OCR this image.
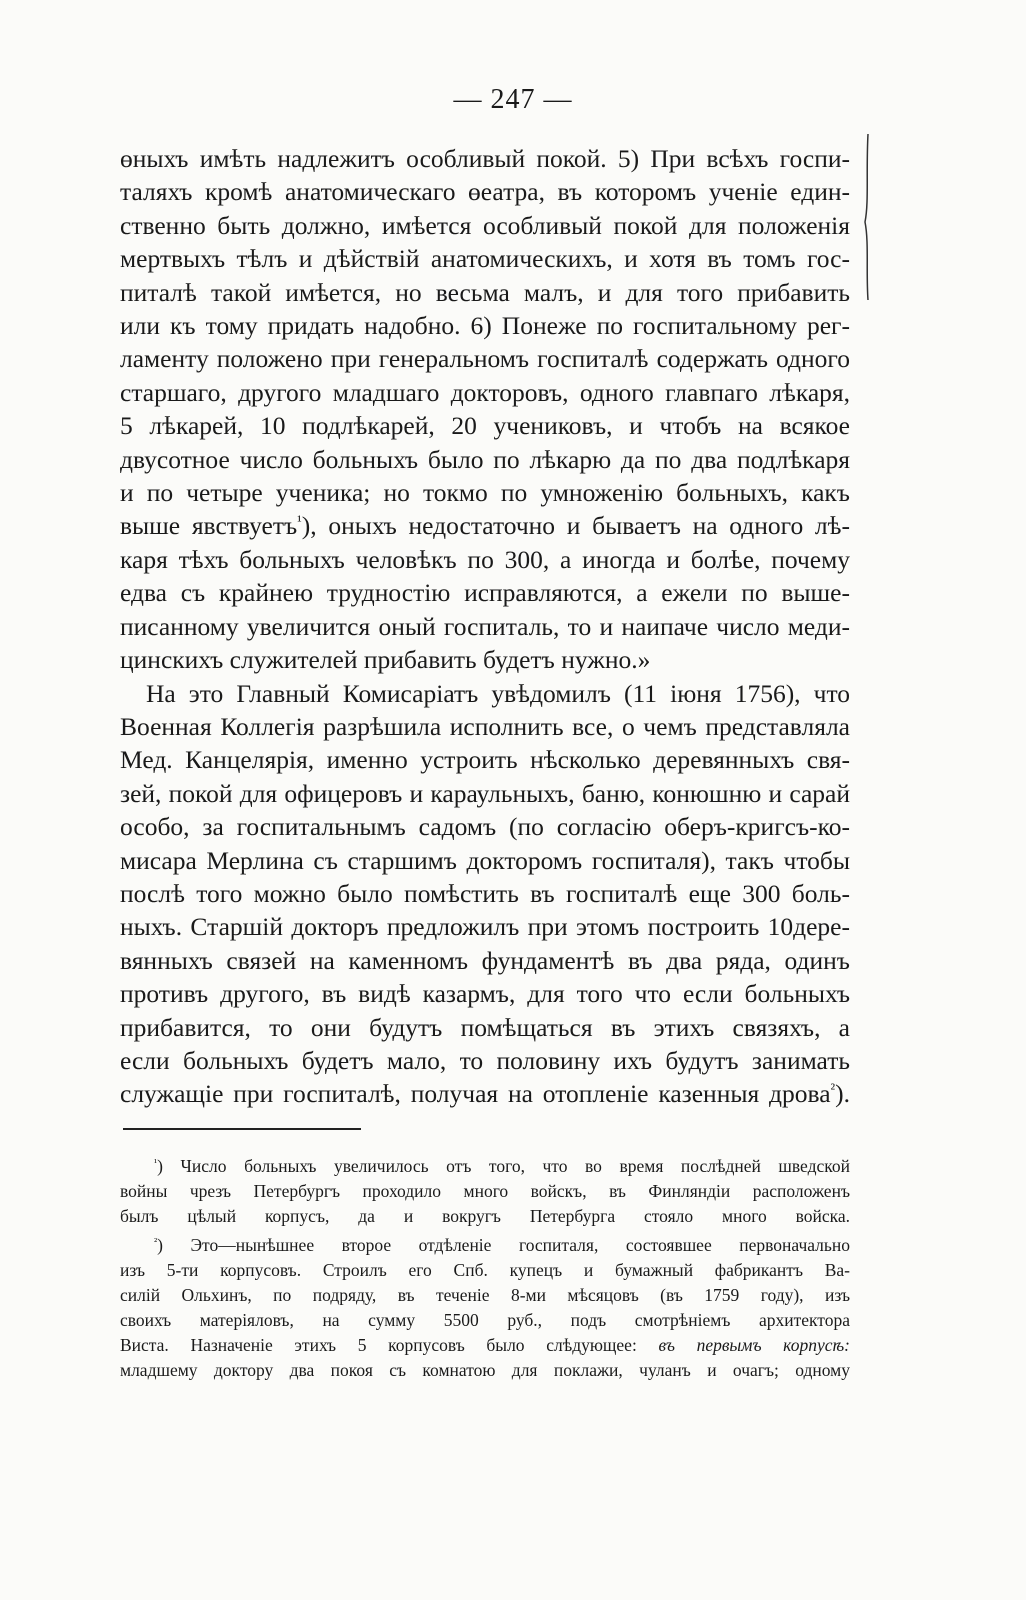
— 247 —
ɵныхъ имѣть надлежитъ особливый покой. 5) При всѣхъ госпи-
таляхъ кромѣ анатомическаго ɵеатра, въ которомъ ученіе един-
ственно быть должно, имѣется особливый покой для положенія
мертвыхъ тѣлъ и дѣйствій анатомическихъ, и хотя въ томъ гос-
питалѣ такой имѣется, но весьма малъ, и для того прибавить
или къ тому придать надобно. 6) Понеже по госпитальному рег-
ламенту положено при генеральномъ госпиталѣ содержать одного
старшаго, другого младшаго докторовъ, одного главпаго лѣкаря,
5 лѣкарей, 10 подлѣкарей, 20 учениковъ, и чтобъ на всякое
двусотное число больныхъ было по лѣкарю да по два подлѣкаря
и по четыре ученика; но токмо по умноженію больныхъ, какъ
выше явствуетъ$^{^1}$), оныхъ недостаточно и бываетъ на одного лѣ-
каря тѣхъ больныхъ человѣкъ по 300, а иногда и болѣе, почему
едва съ крайнею трудностію исправляются, а ежели по выше-
писанному увеличится оный госпиталь, то и наипаче число меди-
цинскихъ служителей прибавить будетъ нужно.»
На это Главный Комисаріатъ увѣдомилъ (11 іюня 1756), что
Военная Коллегія разрѣшила исполнить все, о чемъ представляла
Мед. Канцелярія, именно устроить нѣсколько деревянныхъ свя-
зей, покой для офицеровъ и караульныхъ, баню, конюшню и сарай
особо, за госпитальнымъ садомъ (по согласію оберъ-кригсъ-ко-
мисара Мерлина съ старшимъ докторомъ госпиталя), такъ чтобы
послѣ того можно было помѣстить въ госпиталѣ еще 300 боль-
ныхъ. Старшій докторъ предложилъ при этомъ построить 10дере-
вянныхъ связей на каменномъ фундаментѣ въ два ряда, одинъ
противъ другого, въ видѣ казармъ, для того что если больныхъ
прибавится, то они будутъ помѣщаться въ этихъ связяхъ, а
если больныхъ будетъ мало, то половину ихъ будутъ занимать
служащіе при госпиталѣ, получая на отопленіе казенныя дрова$^{^2}$).
$^{^1}$) Число больныхъ увеличилось отъ того, что во время послѣдней шведской
войны чрезъ Петербургъ проходило много войскъ, въ Финляндіи расположенъ
былъ цѣлый корпусъ, да и вокругъ Петербурга стояло много войска.
$^{^2}$) Это—нынѣшнее второе отдѣленіе госпиталя, состоявшее первоначально
изъ 5-ти корпусовъ. Строилъ его Спб. купецъ и бумажный фабрикантъ Ва-
силій Ольхинъ, по подряду, въ теченіе 8-ми мѣсяцовъ (въ 1759 году), изъ
своихъ матеріяловъ, на сумму 5500 руб., подъ смотрѣніемъ архитектора
Виста. Назначеніе этихъ 5 корпусовъ было слѣдующее: въ первымъ корпусѣ:
младшему доктору два покоя съ комнатою для поклажи, чуланъ и очагъ; одному
